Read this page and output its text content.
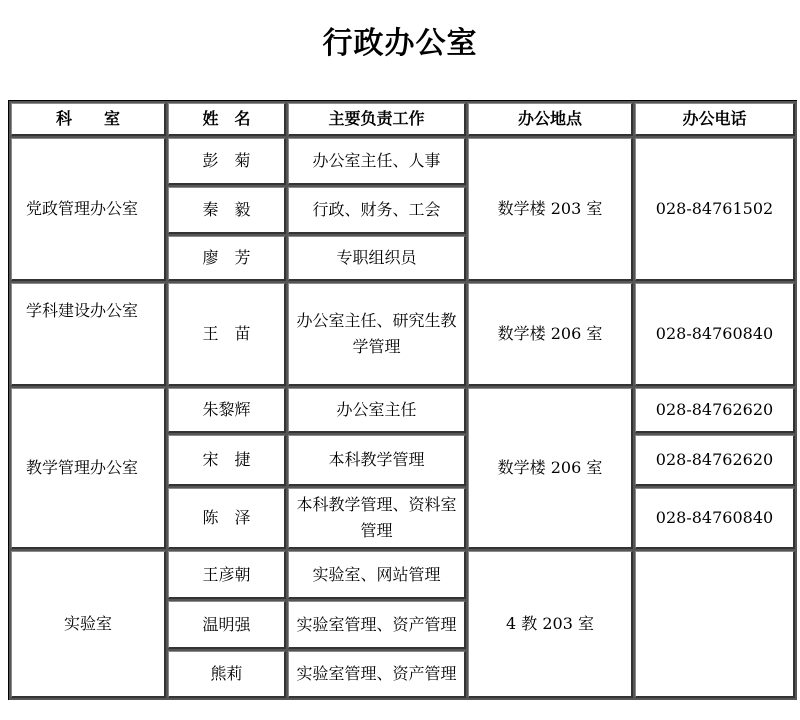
行政办公室
科　　室	姓　名	主要负责工作	办公地点	办公电话
党政管理办公室	彭　菊	办公室主任、人事	数学楼 203 室	028-84761502
	秦　毅	行政、财务、工会		
	廖　芳	专职组织员		
学科建设办公室	王　苗	办公室主任、研究生教学管理	数学楼 206 室	028-84760840
教学管理办公室	朱黎辉	办公室主任	数学楼 206 室	028-84762620
	宋　捷	本科教学管理		028-84762620
	陈　泽	本科教学管理、资料室管理		028-84760840
实验室	王彦朝	实验室、网站管理	4 教 203 室	
	温明强	实验室管理、资产管理		
	熊莉	实验室管理、资产管理		
